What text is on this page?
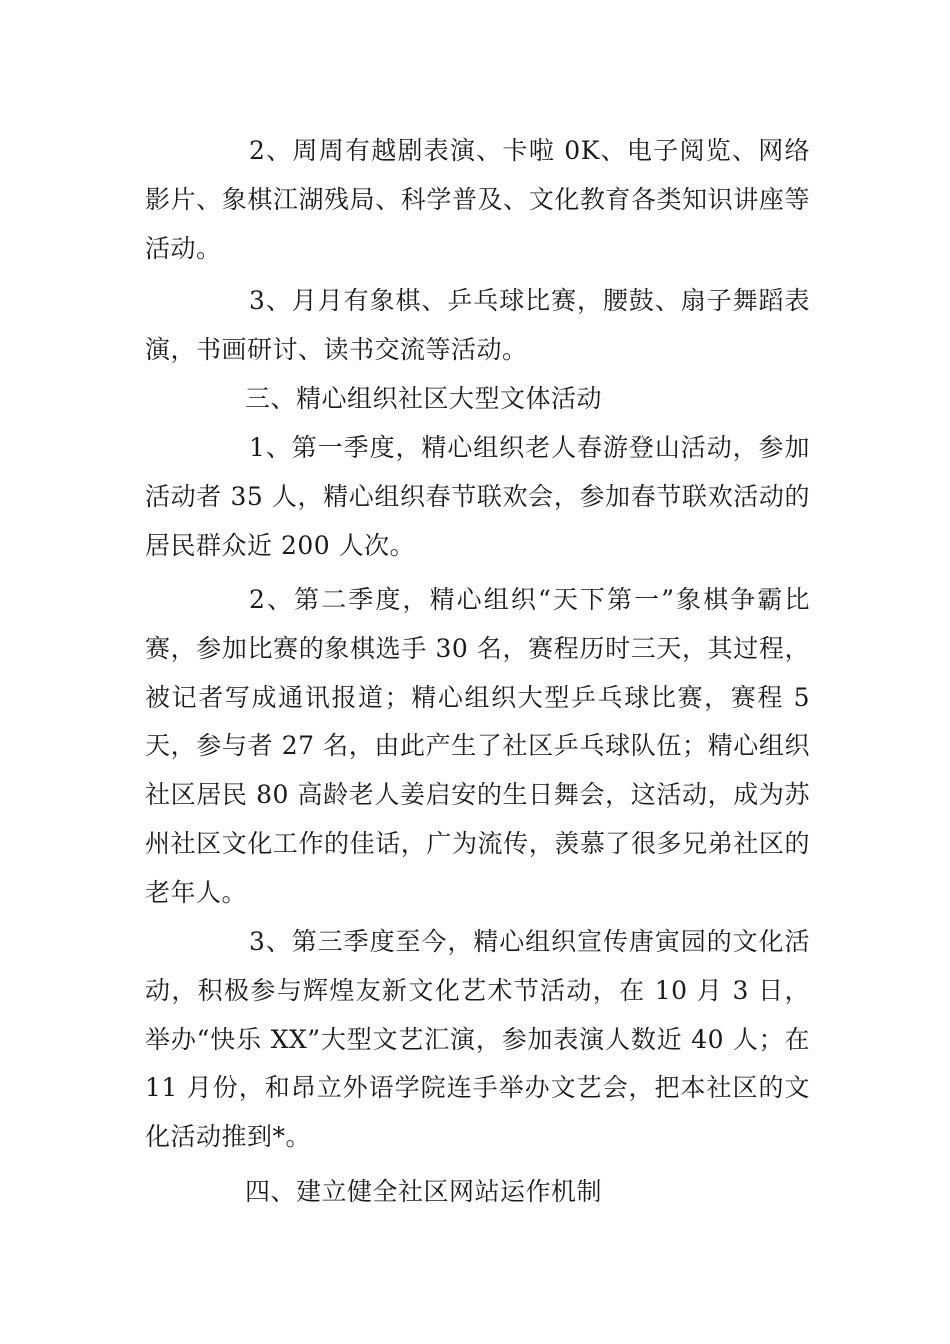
2、周周有越剧表演、卡啦 0K、电子阅览、网络影片、象棋江湖残局、科学普及、文化教育各类知识讲座等活动。

3、月月有象棋、乒乓球比赛，腰鼓、扇子舞蹈表演，书画研讨、读书交流等活动。

三、精心组织社区大型文体活动

1、第一季度，精心组织老人春游登山活动，参加活动者 35 人，精心组织春节联欢会，参加春节联欢活动的居民群众近 200 人次。

2、第二季度，精心组织“天下第一”象棋争霸比赛，参加比赛的象棋选手 30 名，赛程历时三天，其过程，被记者写成通讯报道；精心组织大型乒乓球比赛，赛程 5 天，参与者 27 名，由此产生了社区乒乓球队伍；精心组织社区居民 80 高龄老人姜启安的生日舞会，这活动，成为苏州社区文化工作的佳话，广为流传，羡慕了很多兄弟社区的老年人。

3、第三季度至今，精心组织宣传唐寅园的文化活动，积极参与辉煌友新文化艺术节活动，在 10 月 3 日，举办“快乐 XX”大型文艺汇演，参加表演人数近 40 人；在 11 月份，和昂立外语学院连手举办文艺会，把本社区的文化活动推到*。

四、建立健全社区网站运作机制
